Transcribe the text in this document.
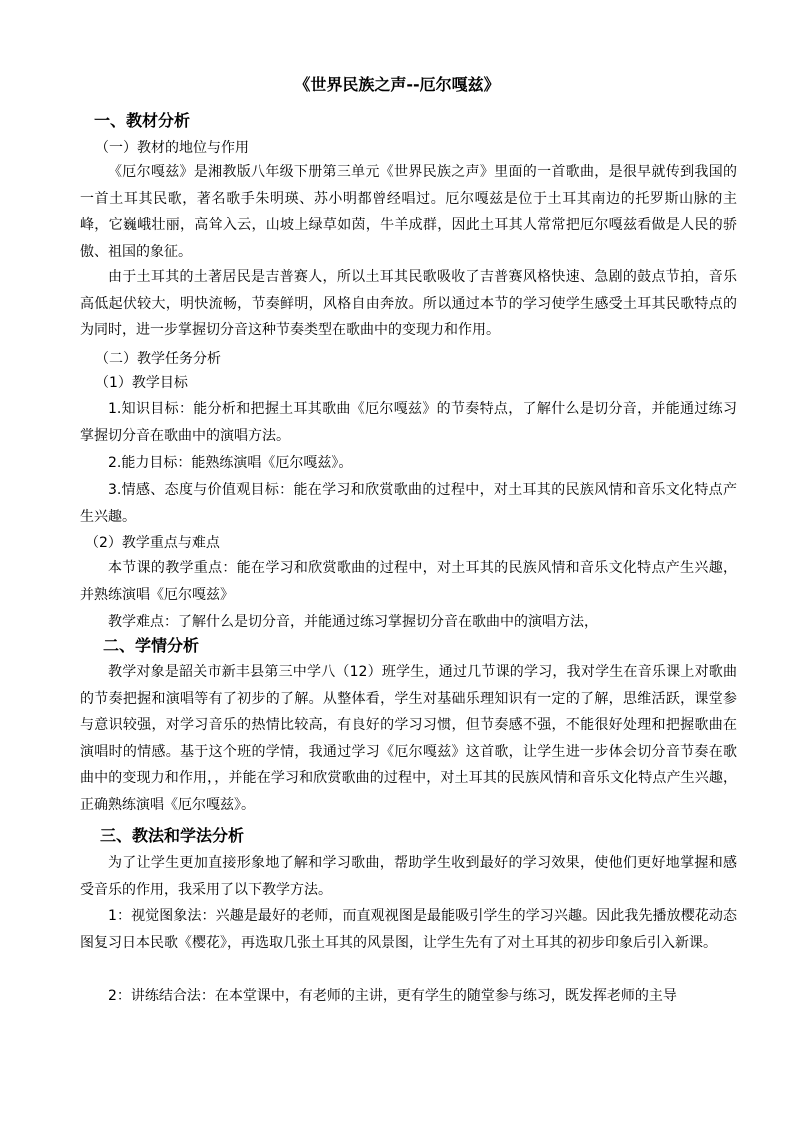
《世界民族之声--厄尔嘎兹》
一、教材分析
（一）教材的地位与作用

《厄尔嘎兹》是湘教版八年级下册第三单元《世界民族之声》里面的一首歌曲，是很早就传到我国的一首土耳其民歌，著名歌手朱明瑛、苏小明都曾经唱过。厄尔嘎兹是位于土耳其南边的托罗斯山脉的主峰，它巍峨壮丽，高耸入云，山坡上绿草如茵，牛羊成群，因此土耳其人常常把厄尔嘎兹看做是人民的骄傲、祖国的象征。

由于土耳其的土著居民是吉普赛人，所以土耳其民歌吸收了吉普赛风格快速、急剧的鼓点节拍，音乐高低起伏较大，明快流畅，节奏鲜明，风格自由奔放。所以通过本节的学习使学生感受土耳其民歌特点的为同时，进一步掌握切分音这种节奏类型在歌曲中的变现力和作用。

（二）教学任务分析
（1）教学目标

1.知识目标：能分析和把握土耳其歌曲《厄尔嘎兹》的节奏特点，了解什么是切分音，并能通过练习掌握切分音在歌曲中的演唱方法。

2.能力目标：能熟练演唱《厄尔嘎兹》。

3.情感、态度与价值观目标：能在学习和欣赏歌曲的过程中，对土耳其的民族风情和音乐文化特点产生兴趣。

（2）教学重点与难点

本节课的教学重点：能在学习和欣赏歌曲的过程中，对土耳其的民族风情和音乐文化特点产生兴趣，并熟练演唱《厄尔嘎兹》

教学难点：了解什么是切分音，并能通过练习掌握切分音在歌曲中的演唱方法，

二、学情分析

教学对象是韶关市新丰县第三中学八（12）班学生，通过几节课的学习，我对学生在音乐课上对歌曲的节奏把握和演唱等有了初步的了解。从整体看，学生对基础乐理知识有一定的了解，思维活跃，课堂参与意识较强，对学习音乐的热情比较高，有良好的学习习惯，但节奏感不强，不能很好处理和把握歌曲在演唱时的情感。基于这个班的学情，我通过学习《厄尔嘎兹》这首歌，让学生进一步体会切分音节奏在歌曲中的变现力和作用，，并能在学习和欣赏歌曲的过程中，对土耳其的民族风情和音乐文化特点产生兴趣，正确熟练演唱《厄尔嘎兹》。

三、教法和学法分析

为了让学生更加直接形象地了解和学习歌曲，帮助学生收到最好的学习效果，使他们更好地掌握和感受音乐的作用，我采用了以下教学方法。

1：视觉图象法：兴趣是最好的老师，而直观视图是最能吸引学生的学习兴趣。因此我先播放樱花动态图复习日本民歌《樱花》，再选取几张土耳其的风景图，让学生先有了对土耳其的初步印象后引入新课。

2：讲练结合法：在本堂课中，有老师的主讲，更有学生的随堂参与练习，既发挥老师的主导
